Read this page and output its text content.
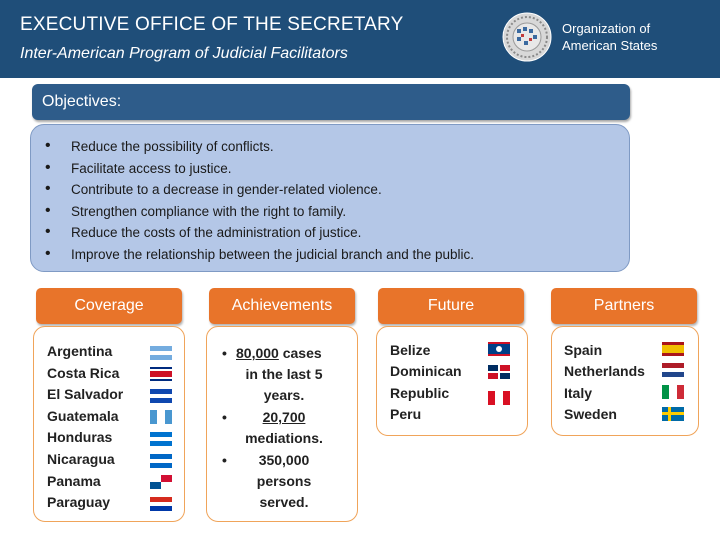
EXECUTIVE OFFICE OF THE SECRETARY
Inter-American Program of Judicial Facilitators
Organization of
American States
Objectives:
• Reduce the possibility of conflicts.
• Facilitate access to justice.
• Contribute to a decrease in gender-related violence.
• Strengthen compliance with the right to family.
• Reduce the costs of the administration of justice.
• Improve the relationship between the judicial branch and the public.
Coverage	Achievements	Future	Partners
Argentina
Costa Rica
El Salvador
Guatemala
Honduras
Nicaragua
Panama
Paraguay
• 80,000 cases
in the last 5
years.
•	20,700
mediations.
•	350,000
persons
served.
Belize
Dominican
Republic
Peru
Spain
Netherlands
Italy
Sweden
